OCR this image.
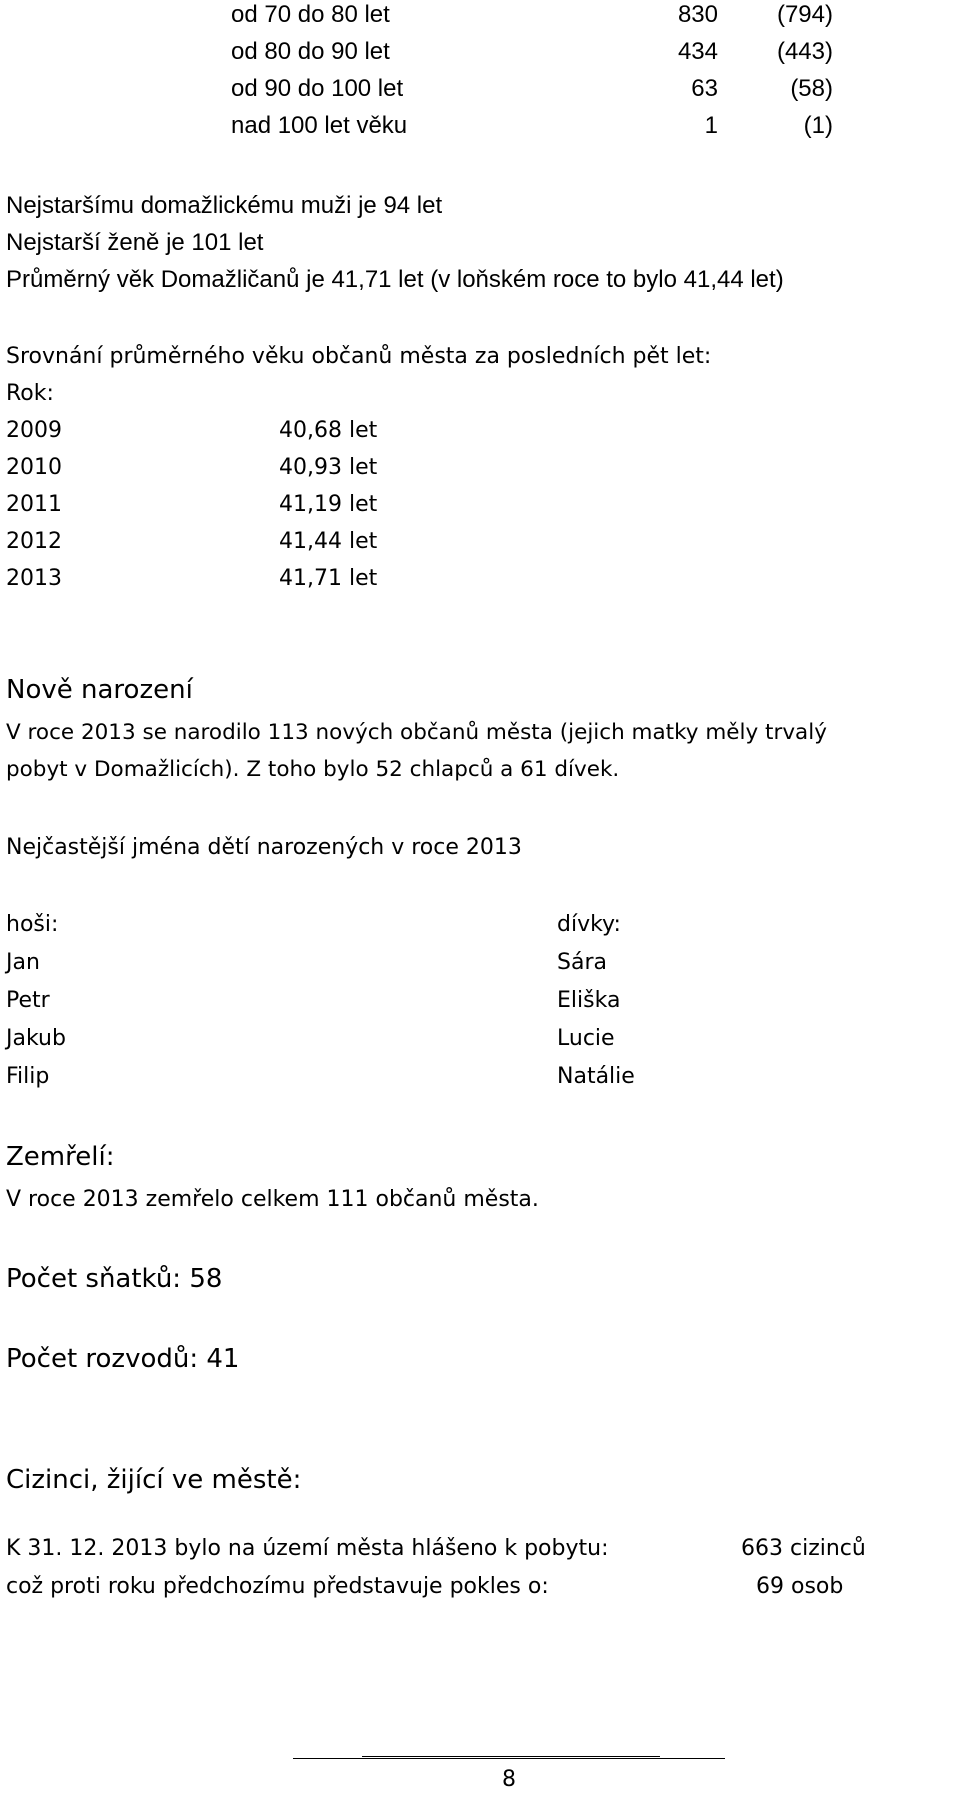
od 70 do 80 let	830	(794)
od 80 do 90 let	434	(443)
od 90 do 100 let	63	(58)
nad 100 let věku	1	(1)
Nejstaršímu domažlickému muži je 94 let
Nejstarší ženě je 101 let
Průměrný věk Domažličanů je 41,71 let (v loňském roce to bylo 41,44 let)
Srovnání průměrného věku občanů města za posledních pět let:
Rok:
2009	40,68 let
2010	40,93 let
2011	41,19 let
2012	41,44 let
2013	41,71 let
Nově narození
V roce 2013 se narodilo 113 nových občanů města (jejich matky měly trvalý
pobyt v Domažlicích). Z toho bylo 52 chlapců a 61 dívek.
Nejčastější jména dětí narozených v roce 2013
hoši:	dívky:
Jan	Sára
Petr	Eliška
Jakub	Lucie
Filip	Natálie
Zemřelí:
V roce 2013 zemřelo celkem 111 občanů města.
Počet sňatků: 58
Počet rozvodů: 41
Cizinci, žijící ve městě:
K 31. 12. 2013 bylo na území města hlášeno k pobytu:	663 cizinců
což proti roku předchozímu představuje pokles o:	69 osob
8
